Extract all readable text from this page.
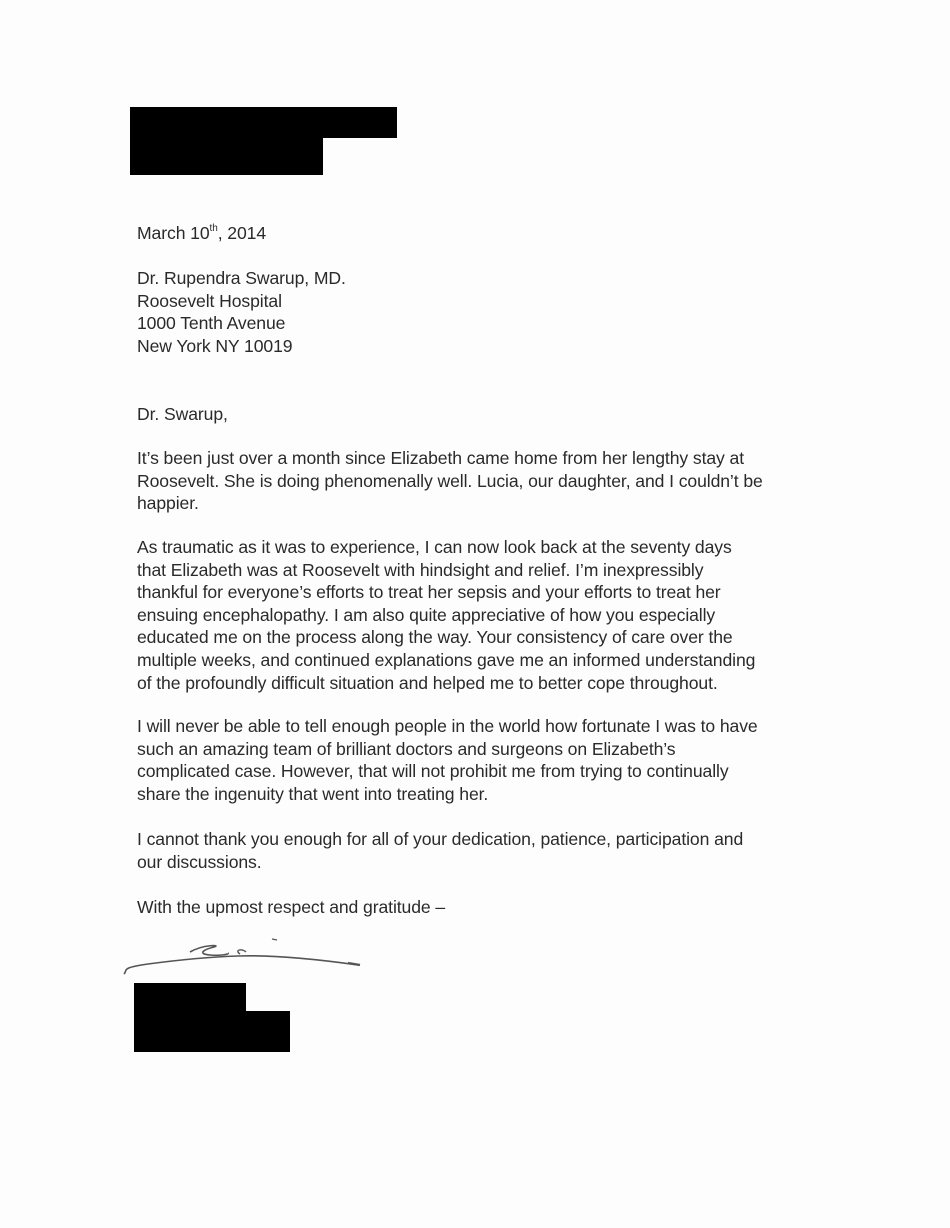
March 10th, 2014
Dr. Rupendra Swarup, MD.
Roosevelt Hospital
1000 Tenth Avenue
New York NY 10019
Dr. Swarup,
It’s been just over a month since Elizabeth came home from her lengthy stay at
Roosevelt. She is doing phenomenally well. Lucia, our daughter, and I couldn’t be
happier.
As traumatic as it was to experience, I can now look back at the seventy days
that Elizabeth was at Roosevelt with hindsight and relief. I’m inexpressibly
thankful for everyone’s efforts to treat her sepsis and your efforts to treat her
ensuing encephalopathy. I am also quite appreciative of how you especially
educated me on the process along the way. Your consistency of care over the
multiple weeks, and continued explanations gave me an informed understanding
of the profoundly difficult situation and helped me to better cope throughout.
I will never be able to tell enough people in the world how fortunate I was to have
such an amazing team of brilliant doctors and surgeons on Elizabeth’s
complicated case. However, that will not prohibit me from trying to continually
share the ingenuity that went into treating her.
I cannot thank you enough for all of your dedication, patience, participation and
our discussions.
With the upmost respect and gratitude –
